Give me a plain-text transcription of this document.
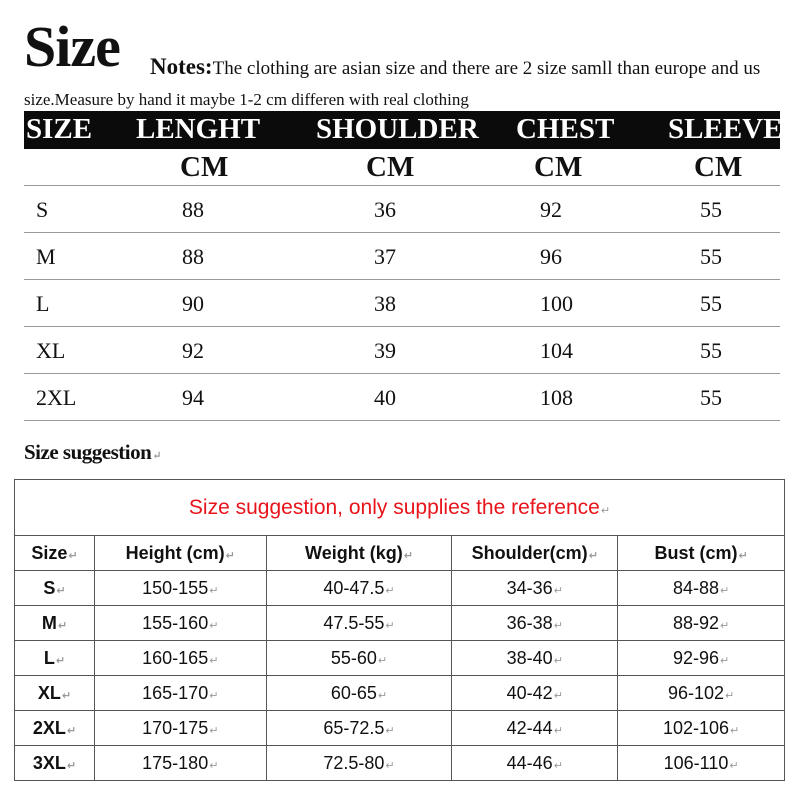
Size Notes:The clothing are asian size and there are 2 size samll than europe and us
size.Measure by hand it maybe 1-2 cm differen with real clothing
SIZE LENGHT SHOULDER CHEST SLEEVE
CM	CM	CM	CM
S	88	36	92	55
M	88	37	96	55
L	90	38	100	55
XL	92	39	104	55
2XL	94	40	108	55
Size suggestion↵
Size suggestion, only supplies the reference↵				
Size↵	Height (cm)↵	Weight (kg)↵	Shoulder(cm)↵	Bust (cm)↵
S↵	150-155↵	40-47.5↵	34-36↵	84-88↵
M↵	155-160↵	47.5-55↵	36-38↵	88-92↵
L↵	160-165↵	55-60↵	38-40↵	92-96↵
XL↵	165-170↵	60-65↵	40-42↵	96-102↵
2XL↵	170-175↵	65-72.5↵	42-44↵	102-106↵
3XL↵	175-180↵	72.5-80↵	44-46↵	106-110↵
